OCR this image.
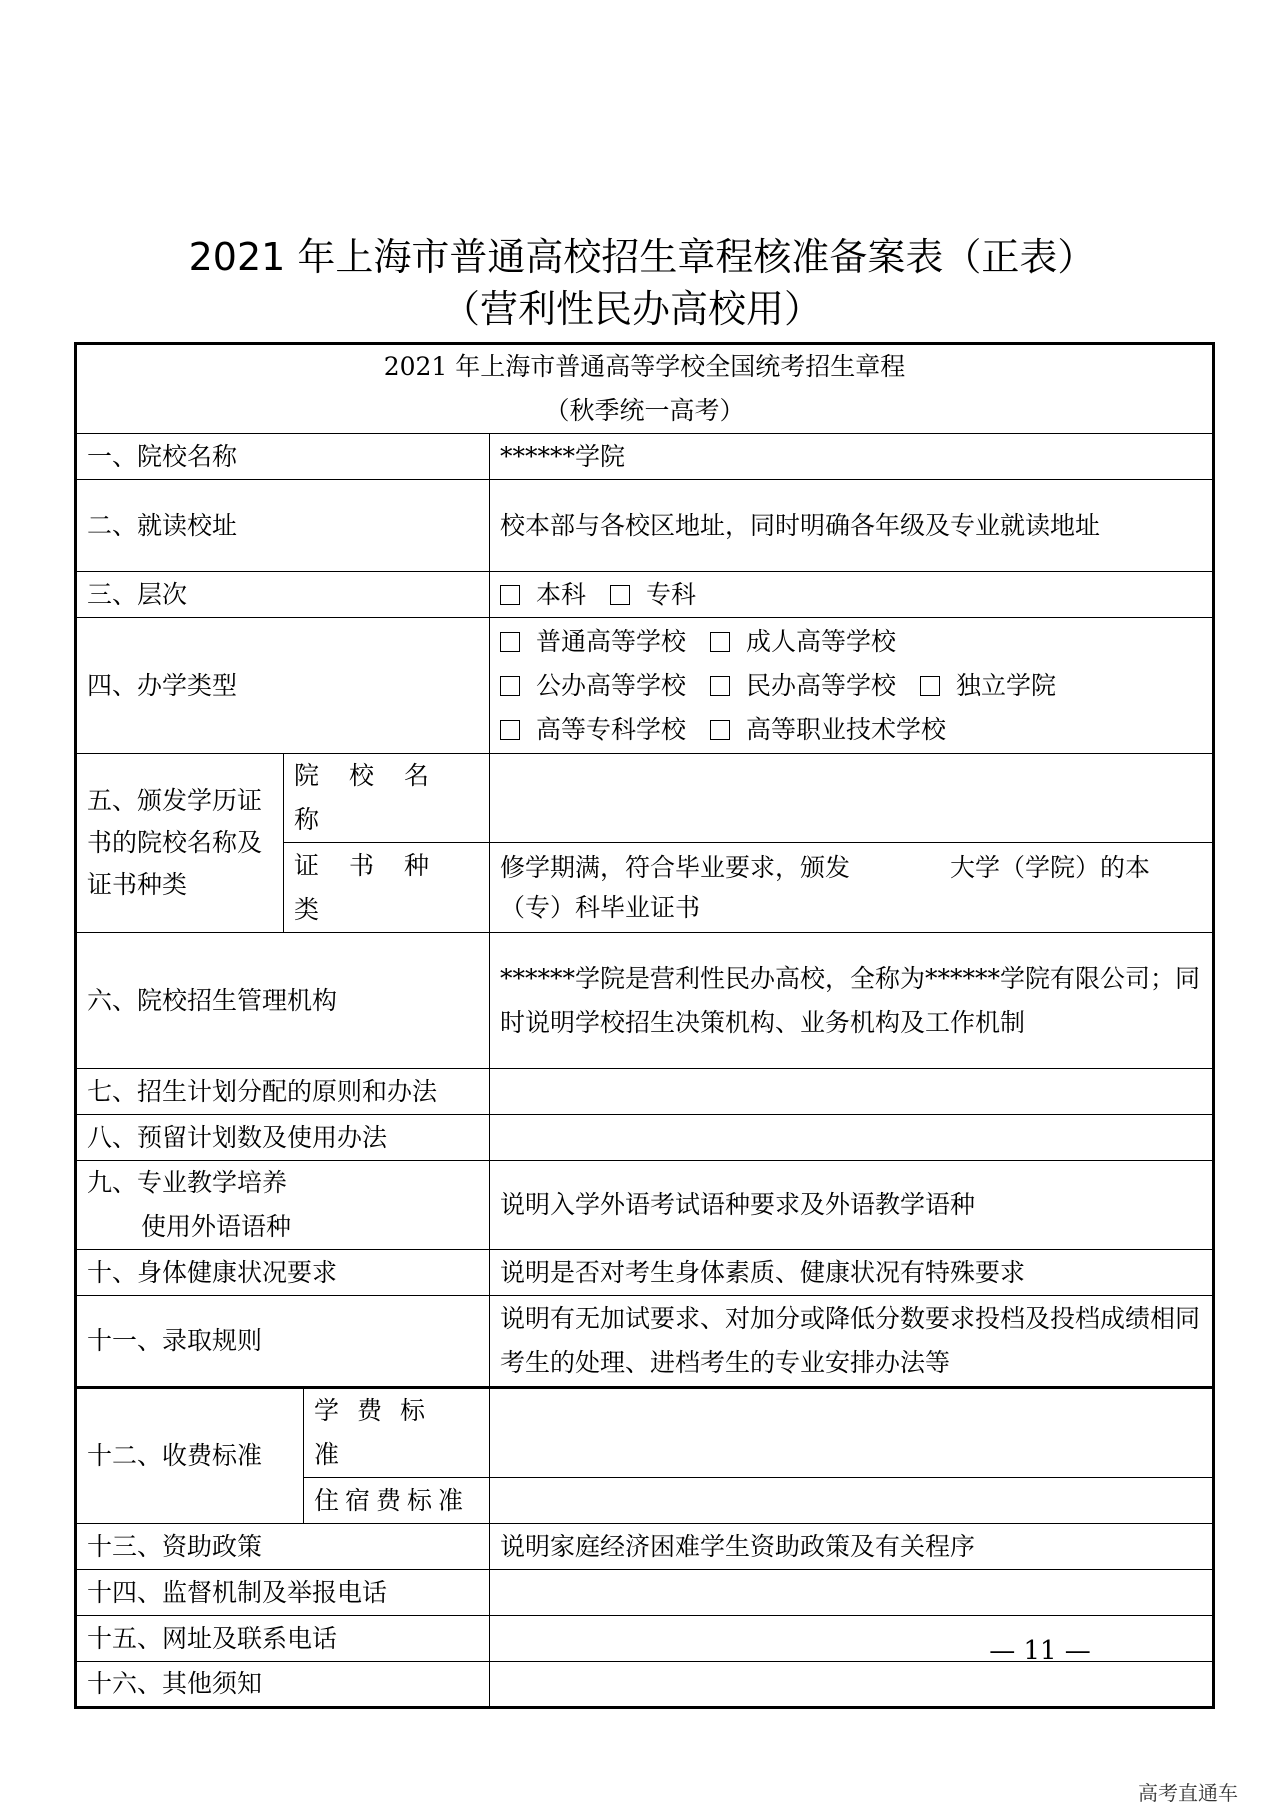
2021 年上海市普通高校招生章程核准备案表（正表）
（营利性民办高校用）
2021 年上海市普通高等学校全国统考招生章程
（秋季统一高考）			

一、院校名称			******学院
二、就读校址			校本部与各校区地址，同时明确各年级及专业就读地址
三、层次			本科 专科
四、办学类型			普通高等学校 成人高等学校
公办高等学校 民办高等学校 独立学院
高等专科学校 高等职业技术学校

五、颁发学历证书的院校名称及证书种类	院校名称		

	证书种类		修学期满，符合毕业要求，颁发 大学（学院）的本（专）科毕业证书
六、院校招生管理机构			******学院是营利性民办高校，全称为******学院有限公司；同时说明学校招生决策机构、业务机构及工作机制
七、招生计划分配的原则和办法			
八、预留计划数及使用办法			

九、专业教学培养
使用外语语种			说明入学外语考试语种要求及外语教学语种
十、身体健康状况要求			说明是否对考生身体素质、健康状况有特殊要求
十一、录取规则			说明有无加试要求、对加分或降低分数要求投档及投档成绩相同考生的处理、进档考生的专业安排办法等
十二、收费标准		学费标准	
		住宿费标准	
十三、资助政策			说明家庭经济困难学生资助政策及有关程序
十四、监督机制及举报电话			
十五、网址及联系电话			
十六、其他须知			
— 11 —
高考直通车
